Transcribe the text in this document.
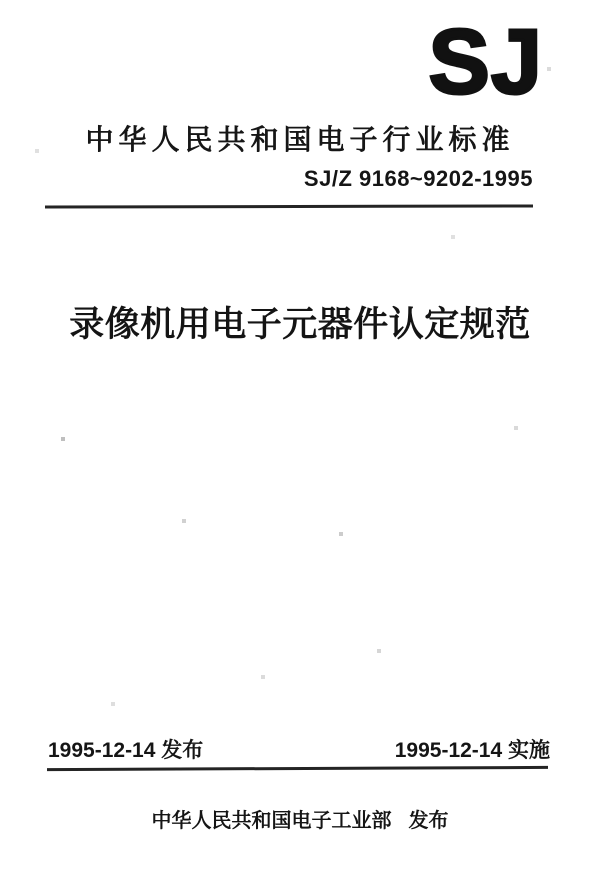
SJ
中华人民共和国电子行业标准
SJ/Z 9168~9202-1995
录像机用电子元器件认定规范
1995-12-14 发布	1995-12-14 实施
中华人民共和国电子工业部 发布
